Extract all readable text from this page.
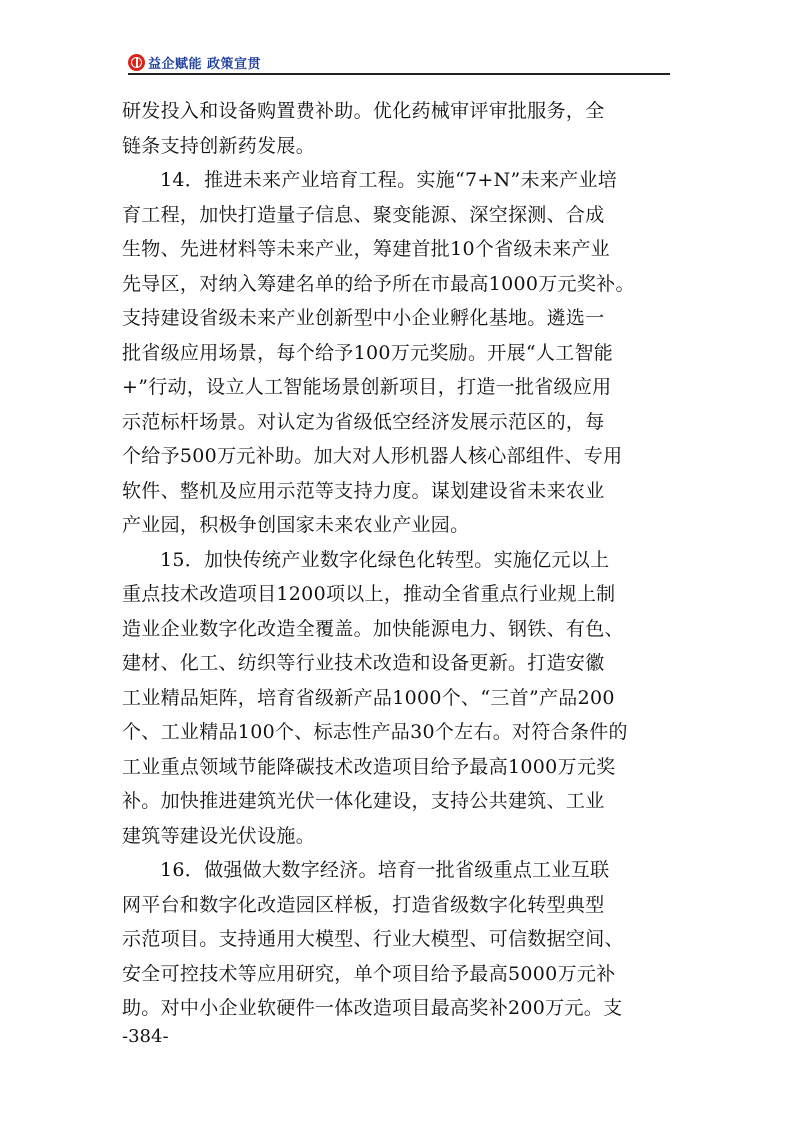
益企赋能 政策宣贯
研发投入和设备购置费补助。优化药械审评审批服务，全
链条支持创新药发展。
14．推进未来产业培育工程。实施“7+N”未来产业培
育工程，加快打造量子信息、聚变能源、深空探测、合成
生物、先进材料等未来产业，筹建首批10个省级未来产业
先导区，对纳入筹建名单的给予所在市最高1000万元奖补。
支持建设省级未来产业创新型中小企业孵化基地。遴选一
批省级应用场景，每个给予100万元奖励。开展“人工智能
+”行动，设立人工智能场景创新项目，打造一批省级应用
示范标杆场景。对认定为省级低空经济发展示范区的，每
个给予500万元补助。加大对人形机器人核心部组件、专用
软件、整机及应用示范等支持力度。谋划建设省未来农业
产业园，积极争创国家未来农业产业园。
15．加快传统产业数字化绿色化转型。实施亿元以上
重点技术改造项目1200项以上，推动全省重点行业规上制
造业企业数字化改造全覆盖。加快能源电力、钢铁、有色、
建材、化工、纺织等行业技术改造和设备更新。打造安徽
工业精品矩阵，培育省级新产品1000个、“三首”产品200
个、工业精品100个、标志性产品30个左右。对符合条件的
工业重点领域节能降碳技术改造项目给予最高1000万元奖
补。加快推进建筑光伏一体化建设，支持公共建筑、工业
建筑等建设光伏设施。
16．做强做大数字经济。培育一批省级重点工业互联
网平台和数字化改造园区样板，打造省级数字化转型典型
示范项目。支持通用大模型、行业大模型、可信数据空间、
安全可控技术等应用研究，单个项目给予最高5000万元补
助。对中小企业软硬件一体改造项目最高奖补200万元。支
-384-
